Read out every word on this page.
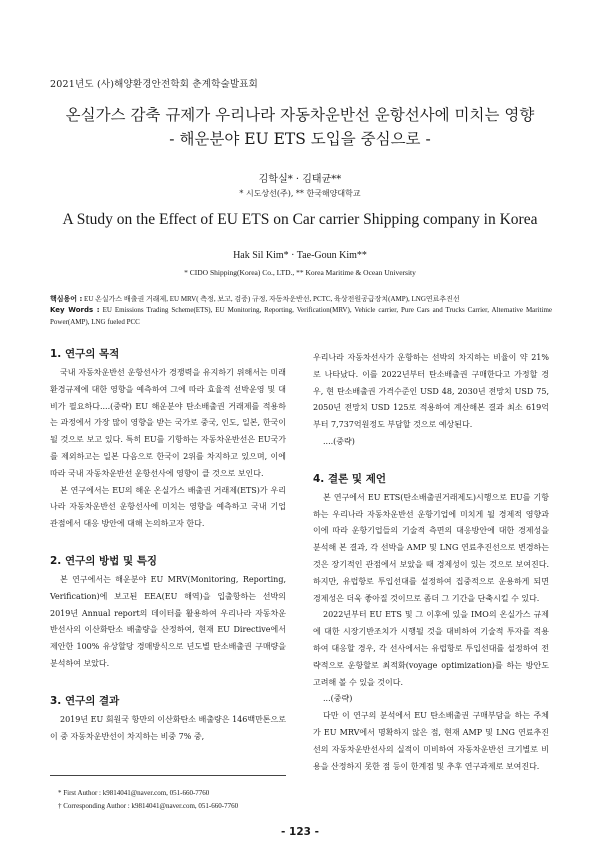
2021년도 (사)해양환경안전학회 춘계학술발표회
온실가스 감축 규제가 우리나라 자동차운반선 운항선사에 미치는 영향
- 해운분야 EU ETS 도입을 중심으로 -
김학실* · 김태균**
* 시도상선(주), ** 한국해양대학교
A Study on the Effect of EU ETS on Car carrier Shipping company in Korea
Hak Sil Kim* · Tae-Goun Kim**
* CIDO Shipping(Korea) Co., LTD., ** Korea Maritime & Ocean University
핵심용어 : EU 온실가스 배출권 거래제, EU MRV( 측정, 보고, 검증) 규정, 자동차운반선, PCTC, 육상전원공급장치(AMP), LNG연료추진선
Key Words : EU Emissions Trading Scheme(ETS), EU Monitoring, Reporting, Verification(MRV), Vehicle carrier, Pure Cars and Trucks Carrier, Alternative Maritime Power(AMP), LNG fueled PCC
1. 연구의 목적

국내 자동차운반선 운항선사가 경쟁력을 유지하기 위해서는 미래 환경규제에 대한 영향을 예측하여 그에 따라 효율적 선박운영 및 대비가 필요하다....(중략) EU 해운분야 탄소배출권 거래제를 적용하는 과정에서 가장 많이 영향을 받는 국가로 중국, 인도, 일본, 한국이 될 것으로 보고 있다. 특히 EU를 기항하는 자동차운반선은 EU국가를 제외하고는 일본 다음으로 한국이 2위를 차지하고 있으며, 이에 따라 국내 자동차운반선 운항선사에 영향이 클 것으로 보인다.

본 연구에서는 EU의 해운 온실가스 배출권 거래제(ETS)가 우리나라 자동차운반선 운항선사에 미치는 영향을 예측하고 국내 기업 관점에서 대응 방안에 대해 논의하고자 한다.

2. 연구의 방법 및 특징

본 연구에서는 해운분야 EU MRV(Monitoring, Reporting, Verification)에 보고된 EEA(EU 해역)을 입출항하는 선박의 2019년 Annual report의 데이터를 활용하여 우리나라 자동차운반선사의 이산화탄소 배출량을 산정하여, 현재 EU Directive에서 제안한 100% 유상할당 경매방식으로 년도별 탄소배출권 구매량을 분석하여 보았다.

3. 연구의 결과

2019년 EU 회원국 항만의 이산화탄소 배출량은 146백만톤으로 이 중 자동차운반선이 차지하는 비중 7% 중,

우리나라 자동차선사가 운항하는 선박의 차지하는 비율이 약 21%로 나타났다. 이를 2022년부터 탄소배출권 구매한다고 가정할 경우, 현 탄소배출권 가격수준인 USD 48, 2030년 전망치 USD 75, 2050년 전망치 USD 125로 적용하여 계산해본 결과 최소 619억부터 7,737억원정도 부담할 것으로 예상된다.

....(중략)

4. 결론 및 제언

본 연구에서 EU ETS(탄소배출권거래제도)시행으로 EU를 기항하는 우리나라 자동차운반선 운항기업에 미치게 될 경제적 영향과 이에 따라 운항기업들의 기술적 측면의 대응방안에 대한 경제성을 분석해 본 결과, 각 선박을 AMP 및 LNG 연료추진선으로 변경하는 것은 장기적인 관점에서 보았을 때 경제성이 있는 것으로 보여진다. 하지만, 유럽항로 투입선대를 설정하여 집중적으로 운용하게 되면 경제성은 더욱 좋아질 것이므로 좀더 그 기간을 단축시킬 수 있다.

2022년부터 EU ETS 및 그 이후에 있을 IMO의 온실가스 규제에 대한 시장기반조치가 시행될 것을 대비하여 기술적 투자를 적용하여 대응할 경우, 각 선사에서는 유럽항로 투입선대를 설정하여 전략적으로 운항할로 최적화(voyage optimization)를 하는 방안도 고려해 볼 수 있을 것이다.

...(중략)

다만 이 연구의 분석에서 EU 탄소배출권 구매부담을 하는 주체가 EU MRV에서 명확하지 않은 점, 현재 AMP 및 LNG 연료추진선의 자동차운반선사의 실적이 미비하여 자동차운반선 크기별로 비용을 산정하지 못한 점 등이 한계점 및 추후 연구과제로 보여진다.

* First Author : k9814041@naver.com, 051-660-7760
† Corresponding Author : k9814041@naver.com, 051-660-7760
- 123 -
